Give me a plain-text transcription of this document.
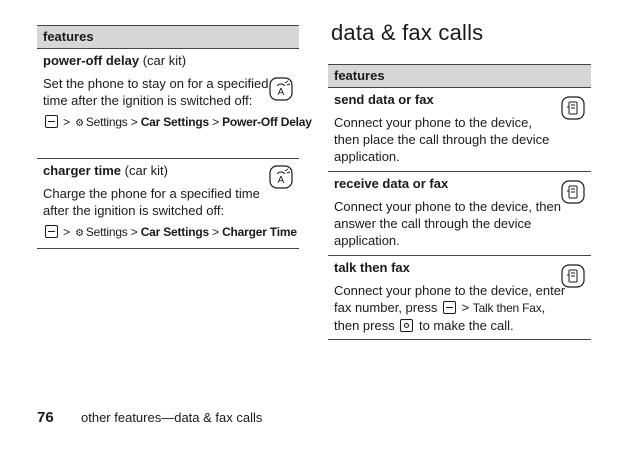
features
power-off delay (car kit)
Set the phone to stay on for a specified time after the ignition is switched off:
> ⚙ Settings > Car Settings > Power-Off Delay
A
charger time (car kit)
Charge the phone for a specified time after the ignition is switched off:
> ⚙ Settings > Car Settings > Charger Time
A
data & fax calls
features
send data or fax
Connect your phone to the device, then place the call through the device application.
receive data or fax
Connect your phone to the device, then answer the call through the device application.
talk then fax
Connect your phone to the device, enter fax number, press  > Talk then Fax, then press to make the call.
76 other features—data & fax calls
